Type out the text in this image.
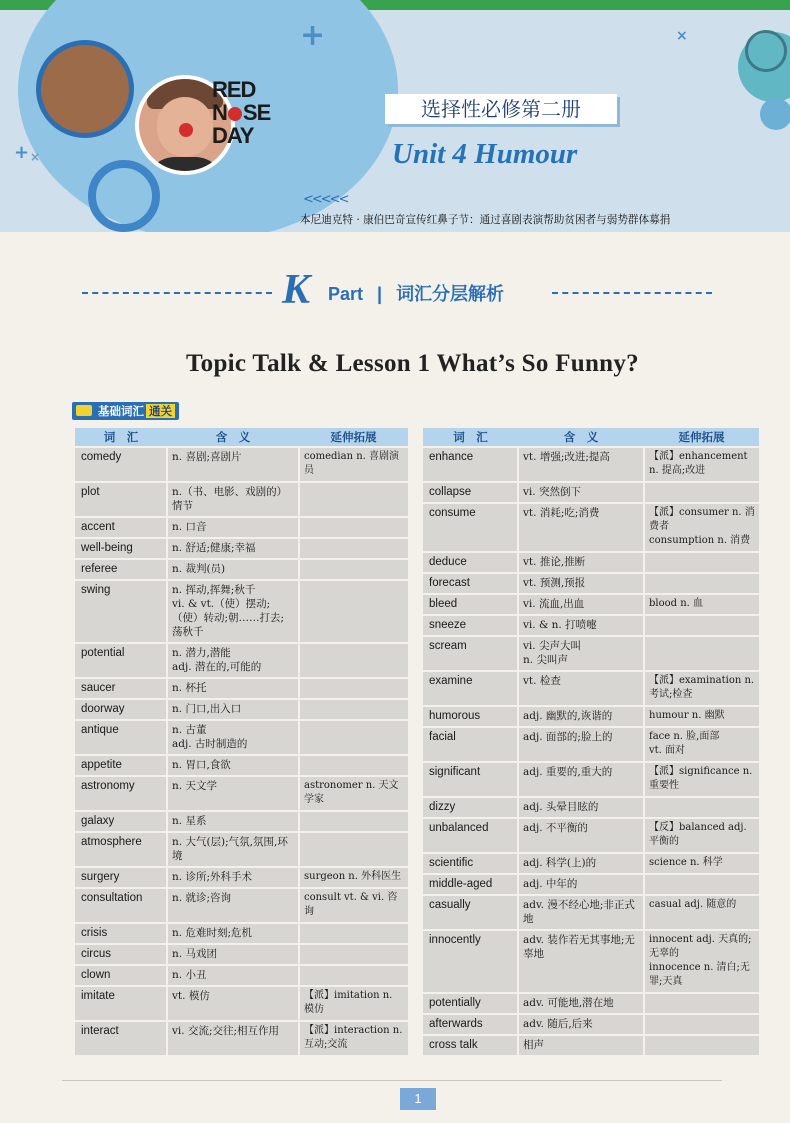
+
+ ×
×
RED
N SE
DAY
选择性必修第二册
Unit 4 Humour
<<<<<
本尼迪克特 · 康伯巴奇宣传红鼻子节：通过喜剧表演帮助贫困者与弱势群体募捐
K Part | 词汇分层解析
Topic Talk & Lesson 1 What’s So Funny?
基础词汇 通关
词　汇	含　义	延伸拓展
comedy	n. 喜剧;喜剧片	comedian n. 喜剧演员
plot	n.（书、电影、戏剧的）情节	
accent	n. 口音	
well-being	n. 舒适;健康;幸福	
referee	n. 裁判(员)	
swing	n. 挥动,挥舞;秋千
vi. & vt.（使）摆动;（使）转动;朝……打去;荡秋千	
potential	n. 潜力,潜能
adj. 潜在的,可能的	
saucer	n. 杯托	
doorway	n. 门口,出入口	
antique	n. 古董
adj. 古时制造的	
appetite	n. 胃口,食欲	
astronomy	n. 天文学	astronomer n. 天文学家
galaxy	n. 星系	
atmosphere	n. 大气(层);气氛,氛围,环境	
surgery	n. 诊所;外科手术	surgeon n. 外科医生
consultation	n. 就诊;咨询	consult vt. & vi. 咨询
crisis	n. 危难时刻;危机	
circus	n. 马戏团	
clown	n. 小丑	
imitate	vt. 模仿	【派】imitation n. 模仿
interact	vi. 交流;交往;相互作用	【派】interaction n. 互动;交流
词　汇	含　义	延伸拓展
enhance	vt. 增强;改进;提高	【派】enhancement n. 提高;改进
collapse	vi. 突然倒下	
consume	vt. 消耗;吃;消费	【派】consumer n. 消费者
consumption n. 消费
deduce	vt. 推论,推断	
forecast	vt. 预测,预报	
bleed	vi. 流血,出血	blood n. 血
sneeze	vi. & n. 打喷嚏	
scream	vi. 尖声大叫
n. 尖叫声	
examine	vt. 检查	【派】examination n. 考试;检查
humorous	adj. 幽默的,诙谐的	humour n. 幽默
facial	adj. 面部的;脸上的	face n. 脸,面部
vt. 面对
significant	adj. 重要的,重大的	【派】significance n. 重要性
dizzy	adj. 头晕目眩的	
unbalanced	adj. 不平衡的	【反】balanced adj. 平衡的
scientific	adj. 科学(上)的	science n. 科学
middle-aged	adj. 中年的	
casually	adv. 漫不经心地;非正式地	casual adj. 随意的
innocently	adv. 装作若无其事地;无辜地	innocent adj. 天真的;无辜的
innocence n. 清白;无罪;天真
potentially	adv. 可能地,潜在地	
afterwards	adv. 随后,后来	
cross talk	相声	
1
